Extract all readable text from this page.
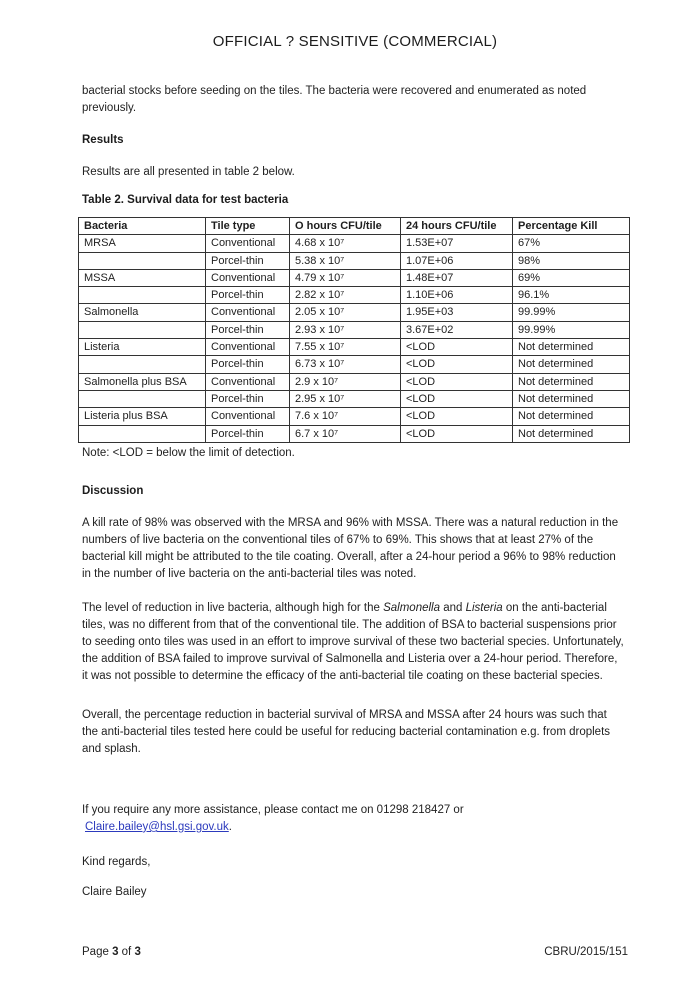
OFFICIAL ? SENSITIVE (COMMERCIAL)

bacterial stocks before seeding on the tiles. The bacteria were recovered and enumerated as noted previously.

Results

Results are all presented in table 2 below.

Table 2. Survival data for test bacteria
Bacteria	Tile type	O hours CFU/tile	24 hours CFU/tile	Percentage Kill
MRSA	Conventional	4.68 x 10⁷	1.53E+07	67%
	Porcel-thin	5.38 x 10⁷	1.07E+06	98%
MSSA	Conventional	4.79 x 10⁷	1.48E+07	69%
	Porcel-thin	2.82 x 10⁷	1.10E+06	96.1%
Salmonella	Conventional	2.05 x 10⁷	1.95E+03	99.99%
	Porcel-thin	2.93 x 10⁷	3.67E+02	99.99%
Listeria	Conventional	7.55 x 10⁷	<LOD	Not determined
	Porcel-thin	6.73 x 10⁷	<LOD	Not determined
Salmonella plus BSA	Conventional	2.9 x 10⁷	<LOD	Not determined
	Porcel-thin	2.95 x 10⁷	<LOD	Not determined
Listeria plus BSA	Conventional	7.6 x 10⁷	<LOD	Not determined
	Porcel-thin	6.7 x 10⁷	<LOD	Not determined

Note: <LOD = below the limit of detection.

Discussion

A kill rate of 98% was observed with the MRSA and 96% with MSSA. There was a natural reduction in the numbers of live bacteria on the conventional tiles of 67% to 69%. This shows that at least 27% of the bacterial kill might be attributed to the tile coating. Overall, after a 24-hour period a 96% to 98% reduction in the number of live bacteria on the anti-bacterial tiles was noted.

The level of reduction in live bacteria, although high for the Salmonella and Listeria on the anti-bacterial tiles, was no different from that of the conventional tile. The addition of BSA to bacterial suspensions prior to seeding onto tiles was used in an effort to improve survival of these two bacterial species. Unfortunately, the addition of BSA failed to improve survival of Salmonella and Listeria over a 24-hour period. Therefore, it was not possible to determine the efficacy of the anti-bacterial tile coating on these bacterial species.

Overall, the percentage reduction in bacterial survival of MRSA and MSSA after 24 hours was such that the anti-bacterial tiles tested here could be useful for reducing bacterial contamination e.g. from droplets and splash.

If you require any more assistance, please contact me on 01298 218427 or
Claire.bailey@hsl.gsi.gov.uk.

Kind regards,

Claire Bailey

Page 3 of 3	CBRU/2015/151
